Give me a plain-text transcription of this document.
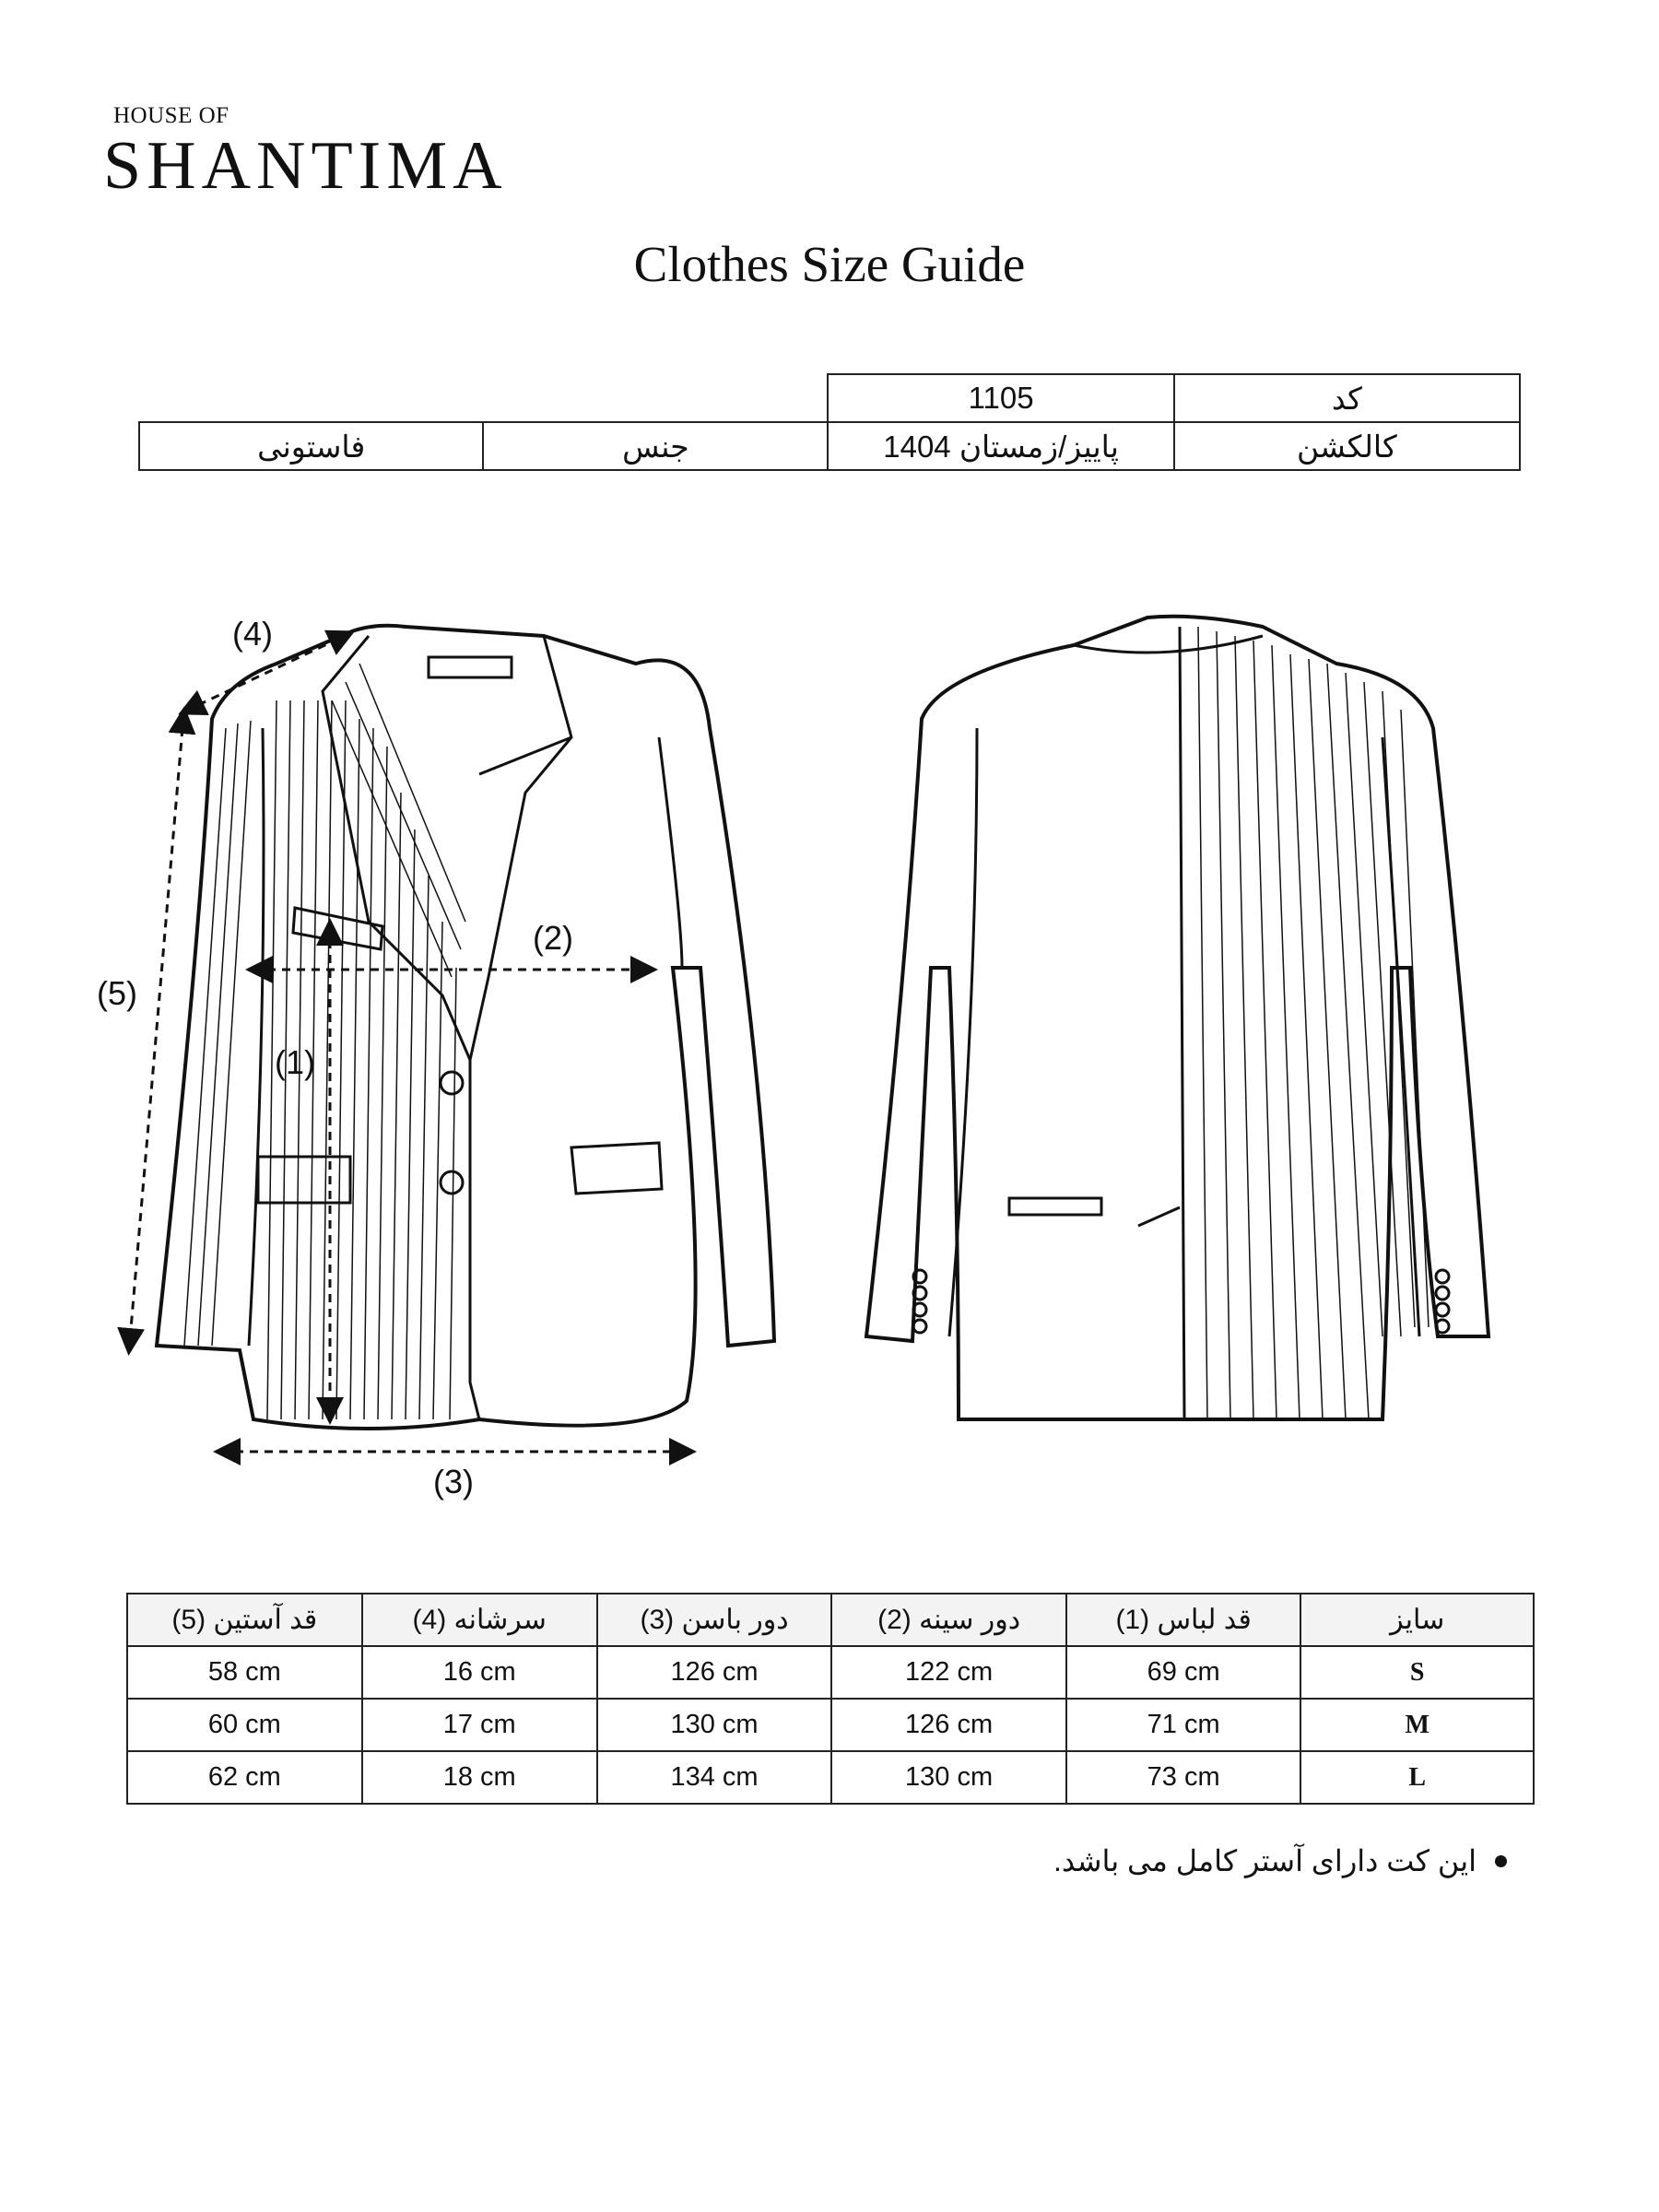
HOUSE OF
SHANTIMA
Clothes Size Guide
		1105	کد
فاستونی	جنس	پاییز/زمستان 1404	کالکشن
(1)
(2)
(3)
(4)
(5)
(5) قد آستین	(4) سرشانه	(3) دور باسن	(2) دور سینه	(1) قد لباس	سایز
58 cm	16 cm	126 cm	122 cm	69 cm	S
60 cm	17 cm	130 cm	126 cm	71 cm	M
62 cm	18 cm	134 cm	130 cm	73 cm	L
این کت دارای آستر کامل می باشد.
